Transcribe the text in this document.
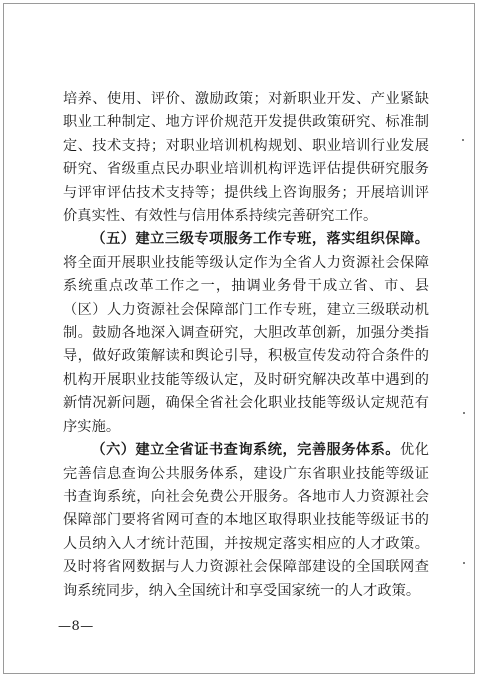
培养、使用、评价、激励政策；对新职业开发、产业紧缺职业工种制定、地方评价规范开发提供政策研究、标准制定、技术支持；对职业培训机构规划、职业培训行业发展研究、省级重点民办职业培训机构评选评估提供研究服务与评审评估技术支持等；提供线上咨询服务；开展培训评价真实性、有效性与信用体系持续完善研究工作。

（五）建立三级专项服务工作专班，落实组织保障。将全面开展职业技能等级认定作为全省人力资源社会保障系统重点改革工作之一，抽调业务骨干成立省、市、县（区）人力资源社会保障部门工作专班，建立三级联动机制。鼓励各地深入调查研究，大胆改革创新，加强分类指导，做好政策解读和舆论引导，积极宣传发动符合条件的机构开展职业技能等级认定，及时研究解决改革中遇到的新情况新问题，确保全省社会化职业技能等级认定规范有序实施。

（六）建立全省证书查询系统，完善服务体系。优化完善信息查询公共服务体系，建设广东省职业技能等级证书查询系统，向社会免费公开服务。各地市人力资源社会保障部门要将省网可查的本地区取得职业技能等级证书的人员纳入人才统计范围，并按规定落实相应的人才政策。及时将省网数据与人力资源社会保障部建设的全国联网查询系统同步，纳入全国统计和享受国家统一的人才政策。

—8—
